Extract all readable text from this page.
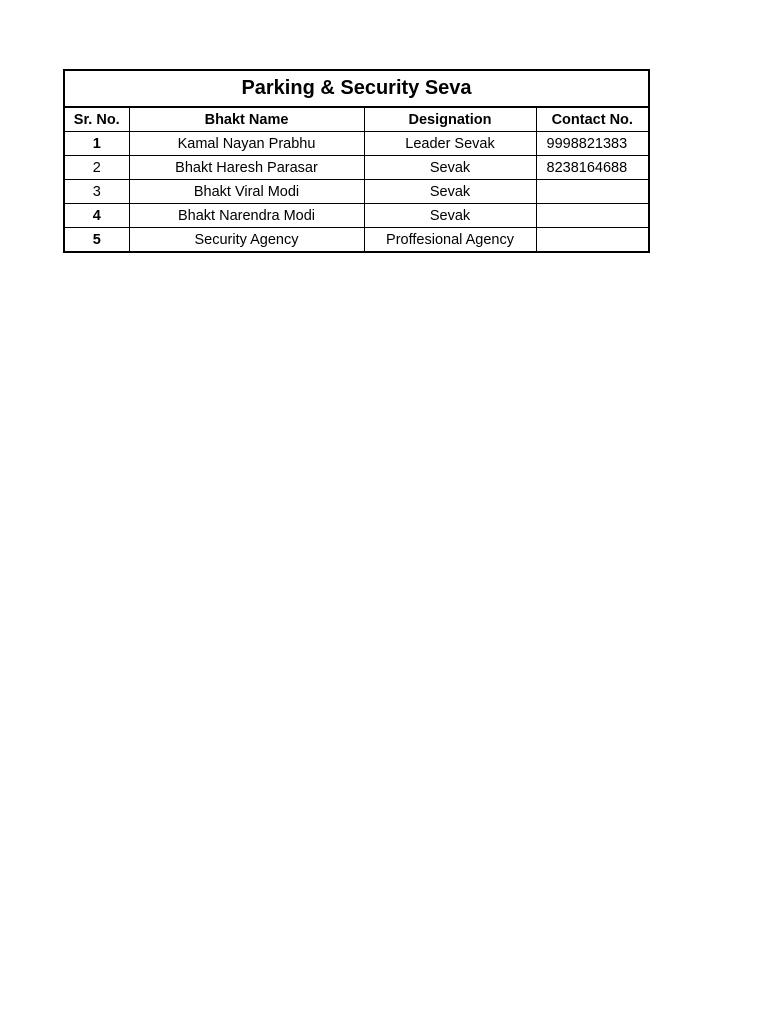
Parking & Security Seva
Sr. No.	Bhakt Name	Designation	Contact No.
1	Kamal Nayan Prabhu	Leader Sevak	9998821383
2	Bhakt Haresh Parasar	Sevak	8238164688
3	Bhakt Viral Modi	Sevak	
4	Bhakt Narendra Modi	Sevak	
5	Security Agency	Proffesional Agency	
